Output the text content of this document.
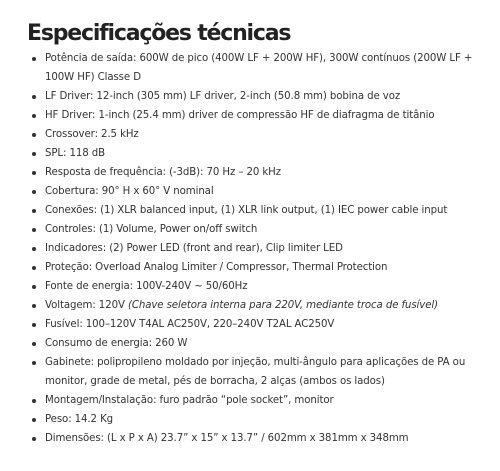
Especificações técnicas
Potência de saída: 600W de pico (400W LF + 200W HF), 300W contínuos (200W LF +
100W HF) Classe D
LF Driver: 12-inch (305 mm) LF driver, 2-inch (50.8 mm) bobina de voz
HF Driver: 1-inch (25.4 mm) driver de compressão HF de diafragma de titânio
Crossover: 2.5 kHz
SPL: 118 dB
Resposta de frequência: (-3dB): 70 Hz – 20 kHz
Cobertura: 90° H x 60° V nominal
Conexões: (1) XLR balanced input, (1) XLR link output, (1) IEC power cable input
Controles: (1) Volume, Power on/off switch
Indicadores: (2) Power LED (front and rear), Clip limiter LED
Proteção: Overload Analog Limiter / Compressor, Thermal Protection
Fonte de energia: 100V-240V ~ 50/60Hz
Voltagem: 120V (Chave seletora interna para 220V, mediante troca de fusível)
Fusível: 100–120V T4AL AC250V, 220–240V T2AL AC250V
Consumo de energia: 260 W
Gabinete: polipropileno moldado por injeção, multi-ângulo para aplicações de PA ou
monitor, grade de metal, pés de borracha, 2 alças (ambos os lados)
Montagem/Instalação: furo padrão “pole socket”, monitor
Peso: 14.2 Kg
Dimensões: (L x P x A) 23.7” x 15” x 13.7” / 602mm x 381mm x 348mm
